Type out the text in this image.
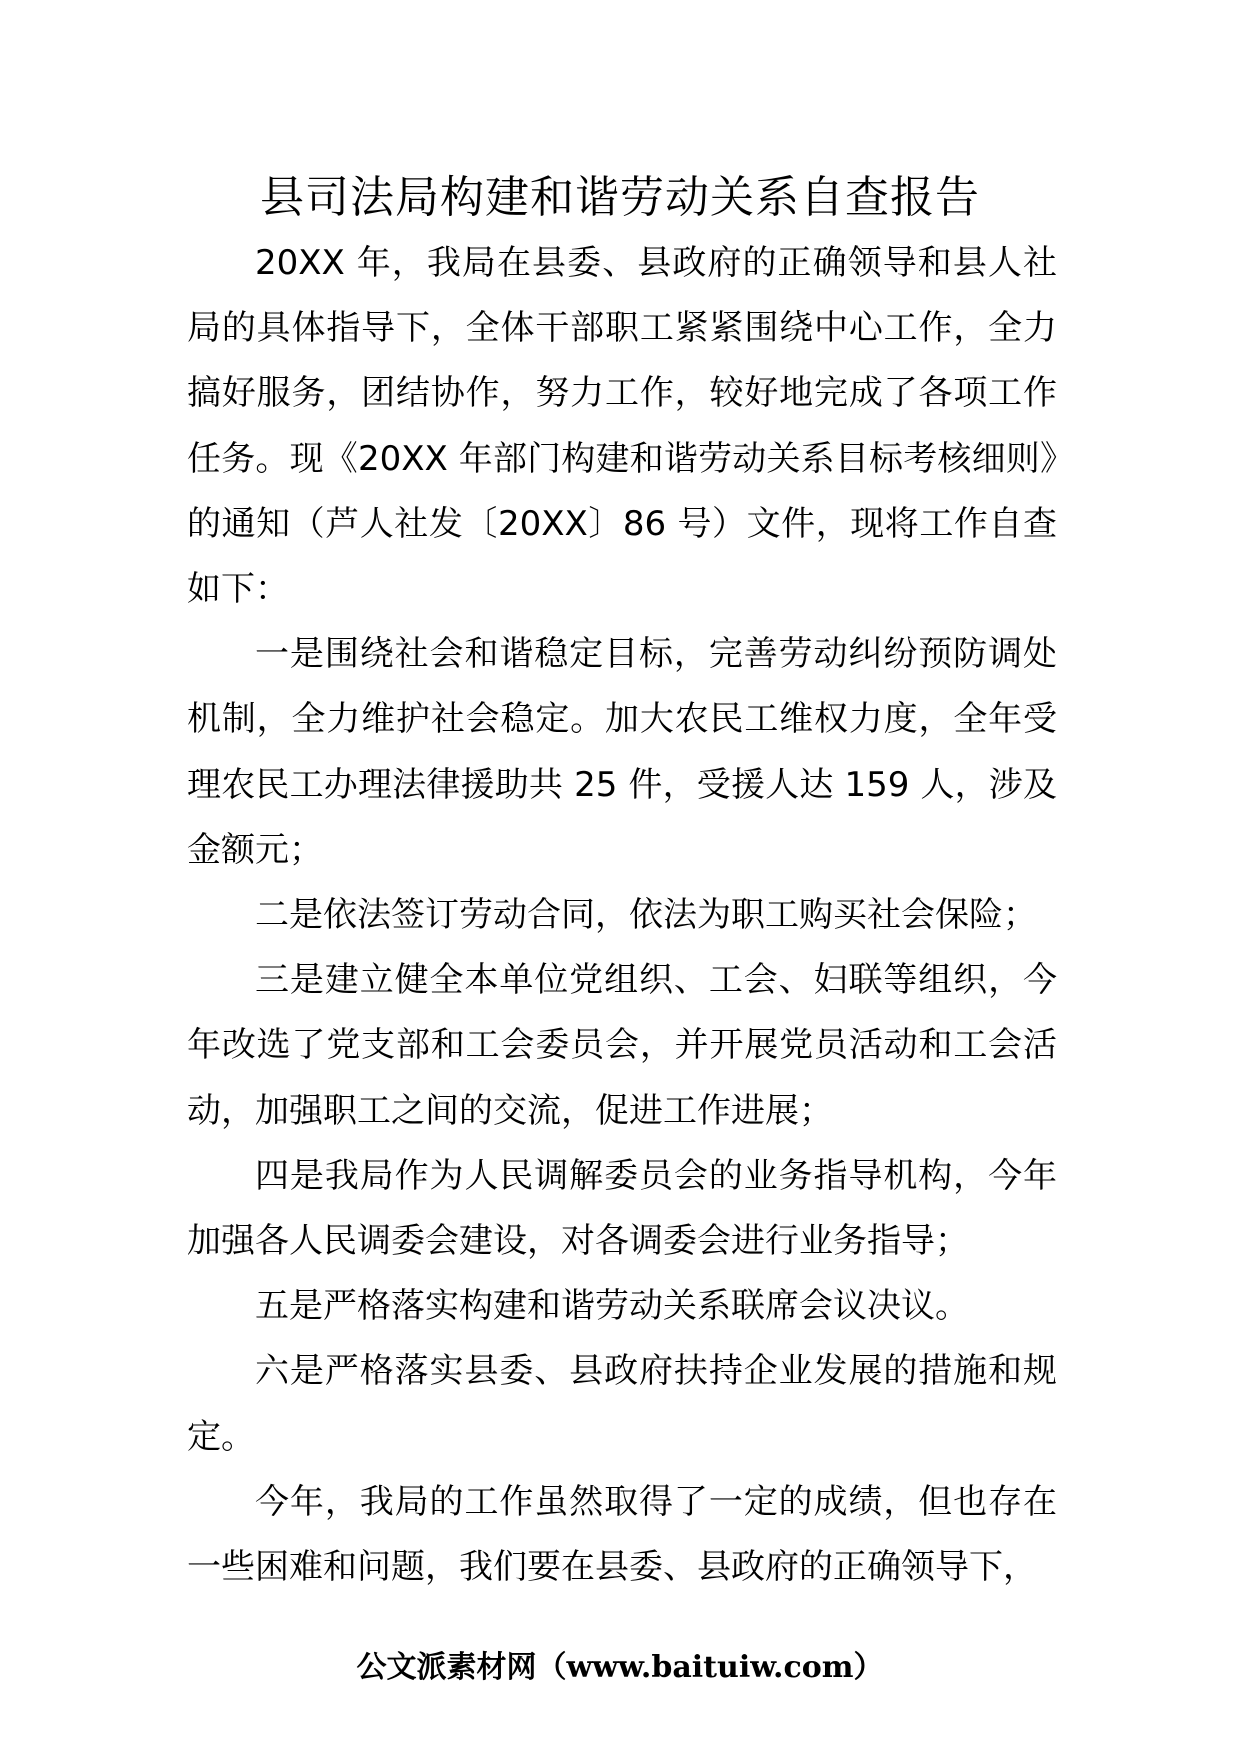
县司法局构建和谐劳动关系自查报告

20XX 年，我局在县委、县政府的正确领导和县人社局的具体指导下，全体干部职工紧紧围绕中心工作，全力搞好服务，团结协作，努力工作，较好地完成了各项工作任务。现《20XX 年部门构建和谐劳动关系目标考核细则》的通知（芦人社发〔20XX〕86 号）文件，现将工作自查如下：

一是围绕社会和谐稳定目标，完善劳动纠纷预防调处机制，全力维护社会稳定。加大农民工维权力度，全年受理农民工办理法律援助共 25 件，受援人达 159 人，涉及金额元；

二是依法签订劳动合同，依法为职工购买社会保险；

三是建立健全本单位党组织、工会、妇联等组织，今年改选了党支部和工会委员会，并开展党员活动和工会活动，加强职工之间的交流，促进工作进展；

四是我局作为人民调解委员会的业务指导机构，今年加强各人民调委会建设，对各调委会进行业务指导；

五是严格落实构建和谐劳动关系联席会议决议。

六是严格落实县委、县政府扶持企业发展的措施和规定。

今年，我局的工作虽然取得了一定的成绩，但也存在一些困难和问题，我们要在县委、县政府的正确领导下，

公文派素材网（www.baituiw.com）
